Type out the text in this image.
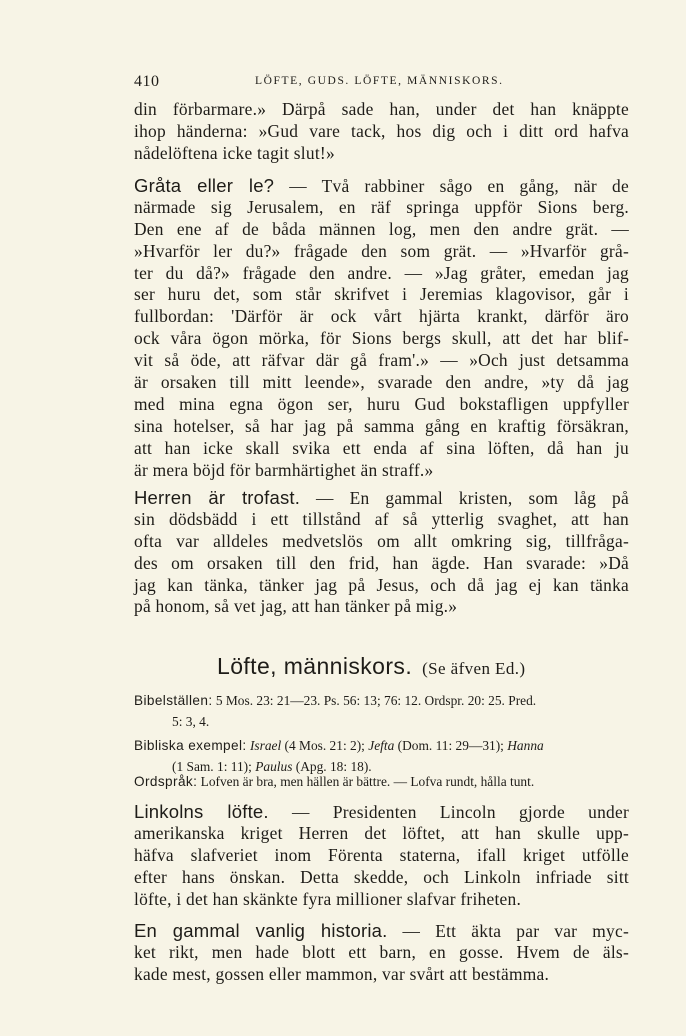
410	LÖFTE, GUDS. LÖFTE, MÄNNISKORS.
din förbarmare.» Därpå sade han, under det han knäppte
ihop händerna: »Gud vare tack, hos dig och i ditt ord hafva
nådelöftena icke tagit slut!»
Gråta eller le? — Två rabbiner sågo en gång, när de
närmade sig Jerusalem, en räf springa uppför Sions berg.
Den ene af de båda männen log, men den andre grät. —
»Hvarför ler du?» frågade den som grät. — »Hvarför grå-
ter du då?» frågade den andre. — »Jag gråter, emedan jag
ser huru det, som står skrifvet i Jeremias klagovisor, går i
fullbordan: 'Därför är ock vårt hjärta krankt, därför äro
ock våra ögon mörka, för Sions bergs skull, att det har blif-
vit så öde, att räfvar där gå fram'.» — »Och just detsamma
är orsaken till mitt leende», svarade den andre, »ty då jag
med mina egna ögon ser, huru Gud bokstafligen uppfyller
sina hotelser, så har jag på samma gång en kraftig försäkran,
att han icke skall svika ett enda af sina löften, då han ju
är mera böjd för barmhärtighet än straff.»
Herren är trofast. — En gammal kristen, som låg på
sin dödsbädd i ett tillstånd af så ytterlig svaghet, att han
ofta var alldeles medvetslös om allt omkring sig, tillfråga-
des om orsaken till den frid, han ägde. Han svarade: »Då
jag kan tänka, tänker jag på Jesus, och då jag ej kan tänka
på honom, så vet jag, att han tänker på mig.»
Löfte, människors. (Se äfven Ed.)
Bibelställen: 5 Mos. 23: 21—23. Ps. 56: 13; 76: 12. Ordspr. 20: 25. Pred.
5: 3, 4.
Bibliska exempel: Israel (4 Mos. 21: 2); Jefta (Dom. 11: 29—31); Hanna
(1 Sam. 1: 11); Paulus (Apg. 18: 18).
Ordspråk: Lofven är bra, men hällen är bättre. — Lofva rundt, hålla tunt.
Linkolns löfte. — Presidenten Lincoln gjorde under
amerikanska kriget Herren det löftet, att han skulle upp-
häfva slafveriet inom Förenta staterna, ifall kriget utfölle
efter hans önskan. Detta skedde, och Linkoln infriade sitt
löfte, i det han skänkte fyra millioner slafvar friheten.
En gammal vanlig historia. — Ett äkta par var myc-
ket rikt, men hade blott ett barn, en gosse. Hvem de äls-
kade mest, gossen eller mammon, var svårt att bestämma.
